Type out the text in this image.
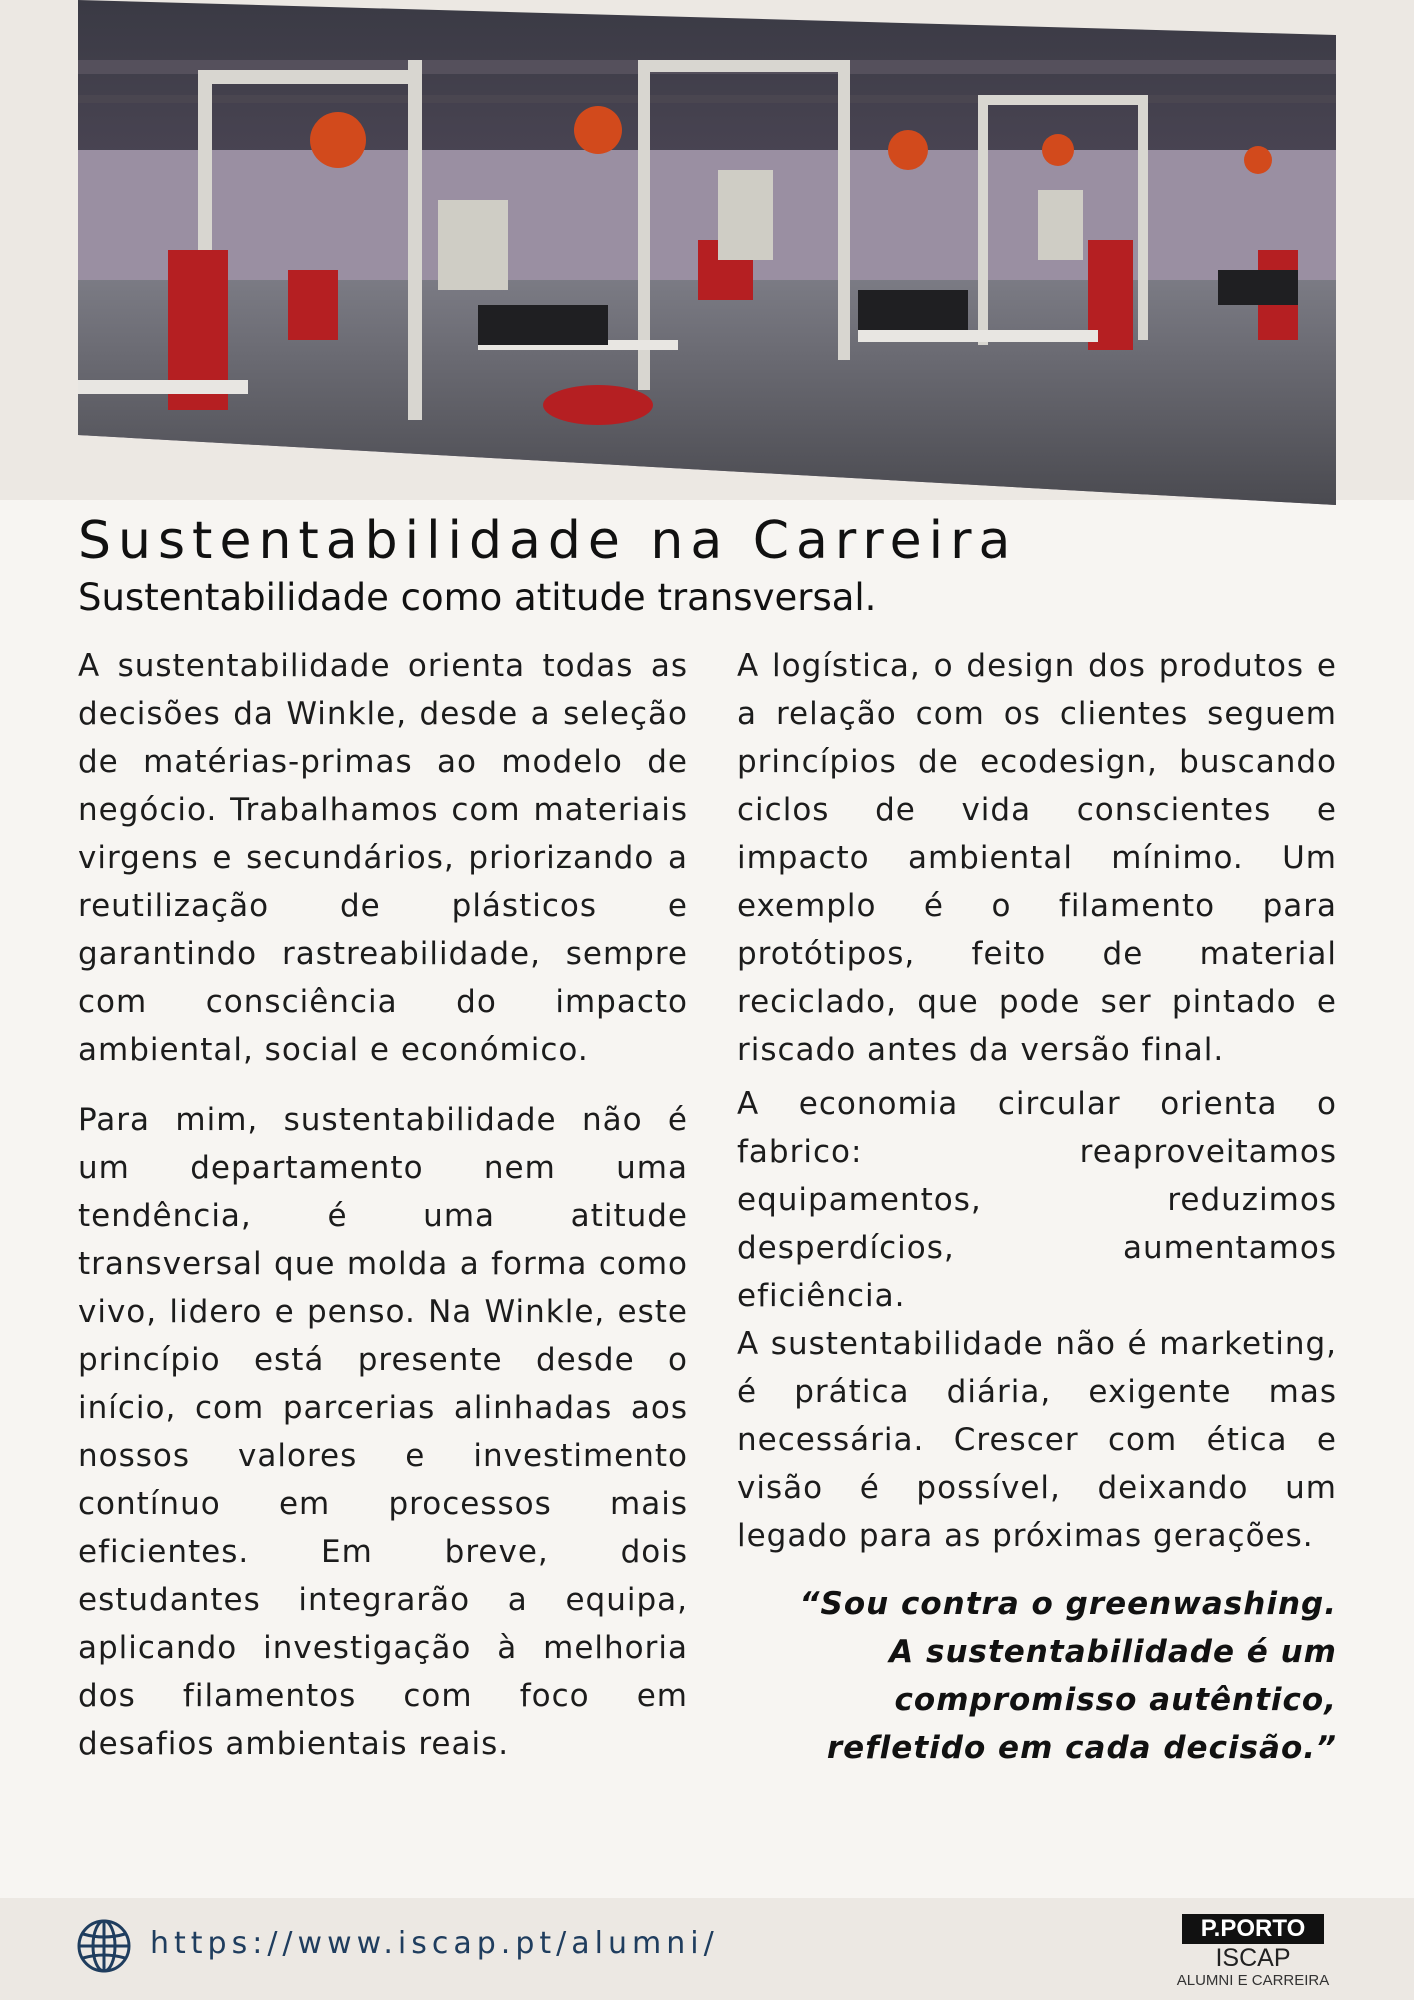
Sustentabilidade na Carreira
Sustentabilidade como atitude transversal.

A sustentabilidade orienta todas as decisões da Winkle, desde a seleção de matérias-primas ao modelo de negócio. Trabalhamos com materiais virgens e secundários, priorizando a reutilização de plásticos e garantindo rastreabilidade, sempre com consciência do impacto ambiental, social e económico.

Para mim, sustentabilidade não é um departamento nem uma tendência, é uma atitude transversal que molda a forma como vivo, lidero e penso. Na Winkle, este princípio está presente desde o início, com parcerias alinhadas aos nossos valores e investimento contínuo em processos mais eficientes. Em breve, dois estudantes integrarão a equipa, aplicando investigação à melhoria dos filamentos com foco em desafios ambientais reais.

A logística, o design dos produtos e a relação com os clientes seguem princípios de ecodesign, buscando ciclos de vida conscientes e impacto ambiental mínimo. Um exemplo é o filamento para protótipos, feito de material reciclado, que pode ser pintado e riscado antes da versão final.

A economia circular orienta o fabrico: reaproveitamos equipamentos, reduzimos desperdícios, aumentamos eficiência.

A sustentabilidade não é marketing, é prática diária, exigente mas necessária. Crescer com ética e visão é possível, deixando um legado para as próximas gerações.

“Sou contra o greenwashing.
A sustentabilidade é um
compromisso autêntico,
refletido em cada decisão.”
https://www.iscap.pt/alumni/	P.PORTO
ISCAP
ALUMNI E CARREIRA
